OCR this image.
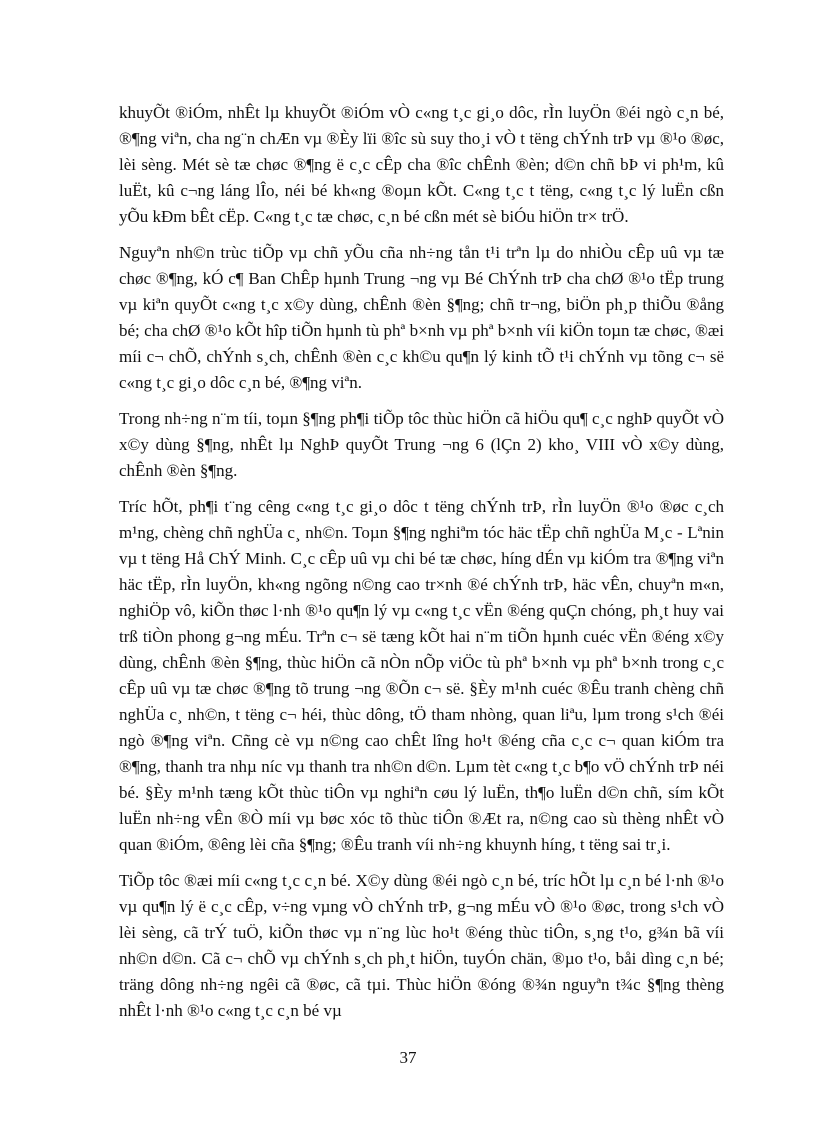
khuyÕt ®iÓm, nhÊt lµ khuyÕt ®iÓm vÒ c«ng t¸c gi¸o dôc, rÌn luyÖn ®éi ngò c¸n bé, ®¶ng viªn, cha ng¨n chÆn vµ ®Èy lïi ®îc sù suy tho¸i vÒ t tëng chÝnh trÞ vµ ®¹o ®øc, lèi sèng. Mét sè tæ chøc ®¶ng ë c¸c cÊp cha ®îc chÊnh ®èn; d©n chñ bÞ vi ph¹m, kû luËt, kû c¬ng láng lÎo, néi bé kh«ng ®oµn kÕt. C«ng t¸c t tëng, c«ng t¸c lý luËn cßn yÕu kÐm bÊt cËp. C«ng t¸c tæ chøc, c¸n bé cßn mét sè biÓu hiÖn tr× trÖ.

Nguyªn nh©n trùc tiÕp vµ chñ yÕu cña nh÷ng tån t¹i trªn lµ do nhiÒu cÊp uû vµ tæ chøc ®¶ng, kÓ c¶ Ban ChÊp hµnh Trung ¬ng vµ Bé ChÝnh trÞ cha chØ ®¹o tËp trung vµ kiªn quyÕt c«ng t¸c x©y dùng, chÊnh ®èn §¶ng; chñ tr¬ng, biÖn ph¸p thiÕu ®ång bé; cha chØ ®¹o kÕt hîp tiÕn hµnh tù phª b×nh vµ phª b×nh víi kiÖn toµn tæ chøc, ®æi míi c¬ chÕ, chÝnh s¸ch, chÊnh ®èn c¸c kh©u qu¶n lý kinh tÕ t¹i chÝnh vµ tõng c¬ së c«ng t¸c gi¸o dôc c¸n bé, ®¶ng viªn.

Trong nh÷ng n¨m tíi, toµn §¶ng ph¶i tiÕp tôc thùc hiÖn cã hiÖu qu¶ c¸c nghÞ quyÕt vÒ x©y dùng §¶ng, nhÊt lµ NghÞ quyÕt Trung ¬ng 6 (lÇn 2) kho¸ VIII vÒ x©y dùng, chÊnh ®èn §¶ng.

Tríc hÕt, ph¶i t¨ng cêng c«ng t¸c gi¸o dôc t tëng chÝnh trÞ, rÌn luyÖn ®¹o ®øc c¸ch m¹ng, chèng chñ nghÜa c¸ nh©n. Toµn §¶ng nghiªm tóc häc tËp chñ nghÜa M¸c - Lªnin vµ t tëng Hå ChÝ Minh. C¸c cÊp uû vµ chi bé tæ chøc, híng dÉn vµ kiÓm tra ®¶ng viªn häc tËp, rÌn luyÖn, kh«ng ngõng n©ng cao tr×nh ®é chÝnh trÞ, häc vÊn, chuyªn m«n, nghiÖp vô, kiÕn thøc l·nh ®¹o qu¶n lý vµ c«ng t¸c vËn ®éng quÇn chóng, ph¸t huy vai trß tiÒn phong g¬ng mÉu. Trªn c¬ së tæng kÕt hai n¨m tiÕn hµnh cuéc vËn ®éng x©y dùng, chÊnh ®èn §¶ng, thùc hiÖn cã nÒn nÕp viÖc tù phª b×nh vµ phª b×nh trong c¸c cÊp uû vµ tæ chøc ®¶ng tõ trung ¬ng ®Õn c¬ së. §Èy m¹nh cuéc ®Êu tranh chèng chñ nghÜa c¸ nh©n, t tëng c¬ héi, thùc dông, tÖ tham nhòng, quan liªu, lµm trong s¹ch ®éi ngò ®¶ng viªn. Cñng cè vµ n©ng cao chÊt lîng ho¹t ®éng cña c¸c c¬ quan kiÓm tra ®¶ng, thanh tra nhµ níc vµ thanh tra nh©n d©n. Lµm tèt c«ng t¸c b¶o vÖ chÝnh trÞ néi bé. §Èy m¹nh tæng kÕt thùc tiÔn vµ nghiªn cøu lý luËn, th¶o luËn d©n chñ, sím kÕt luËn nh÷ng vÊn ®Ò míi vµ bøc xóc tõ thùc tiÔn ®Æt ra, n©ng cao sù thèng nhÊt vÒ quan ®iÓm, ®êng lèi cña §¶ng; ®Êu tranh víi nh÷ng khuynh híng, t tëng sai tr¸i.

TiÕp tôc ®æi míi c«ng t¸c c¸n bé. X©y dùng ®éi ngò c¸n bé, tríc hÕt lµ c¸n bé l·nh ®¹o vµ qu¶n lý ë c¸c cÊp, v÷ng vµng vÒ chÝnh trÞ, g¬ng mÉu vÒ ®¹o ®øc, trong s¹ch vÒ lèi sèng, cã trÝ tuÖ, kiÕn thøc vµ n¨ng lùc ho¹t ®éng thùc tiÔn, s¸ng t¹o, g¾n bã víi nh©n d©n. Cã c¬ chÕ vµ chÝnh s¸ch ph¸t hiÖn, tuyÓn chän, ®µo t¹o, båi dìng c¸n bé; träng dông nh÷ng ngêi cã ®øc, cã tµi. Thùc hiÖn ®óng ®¾n nguyªn t¾c §¶ng thèng nhÊt l·nh ®¹o c«ng t¸c c¸n bé vµ

37
